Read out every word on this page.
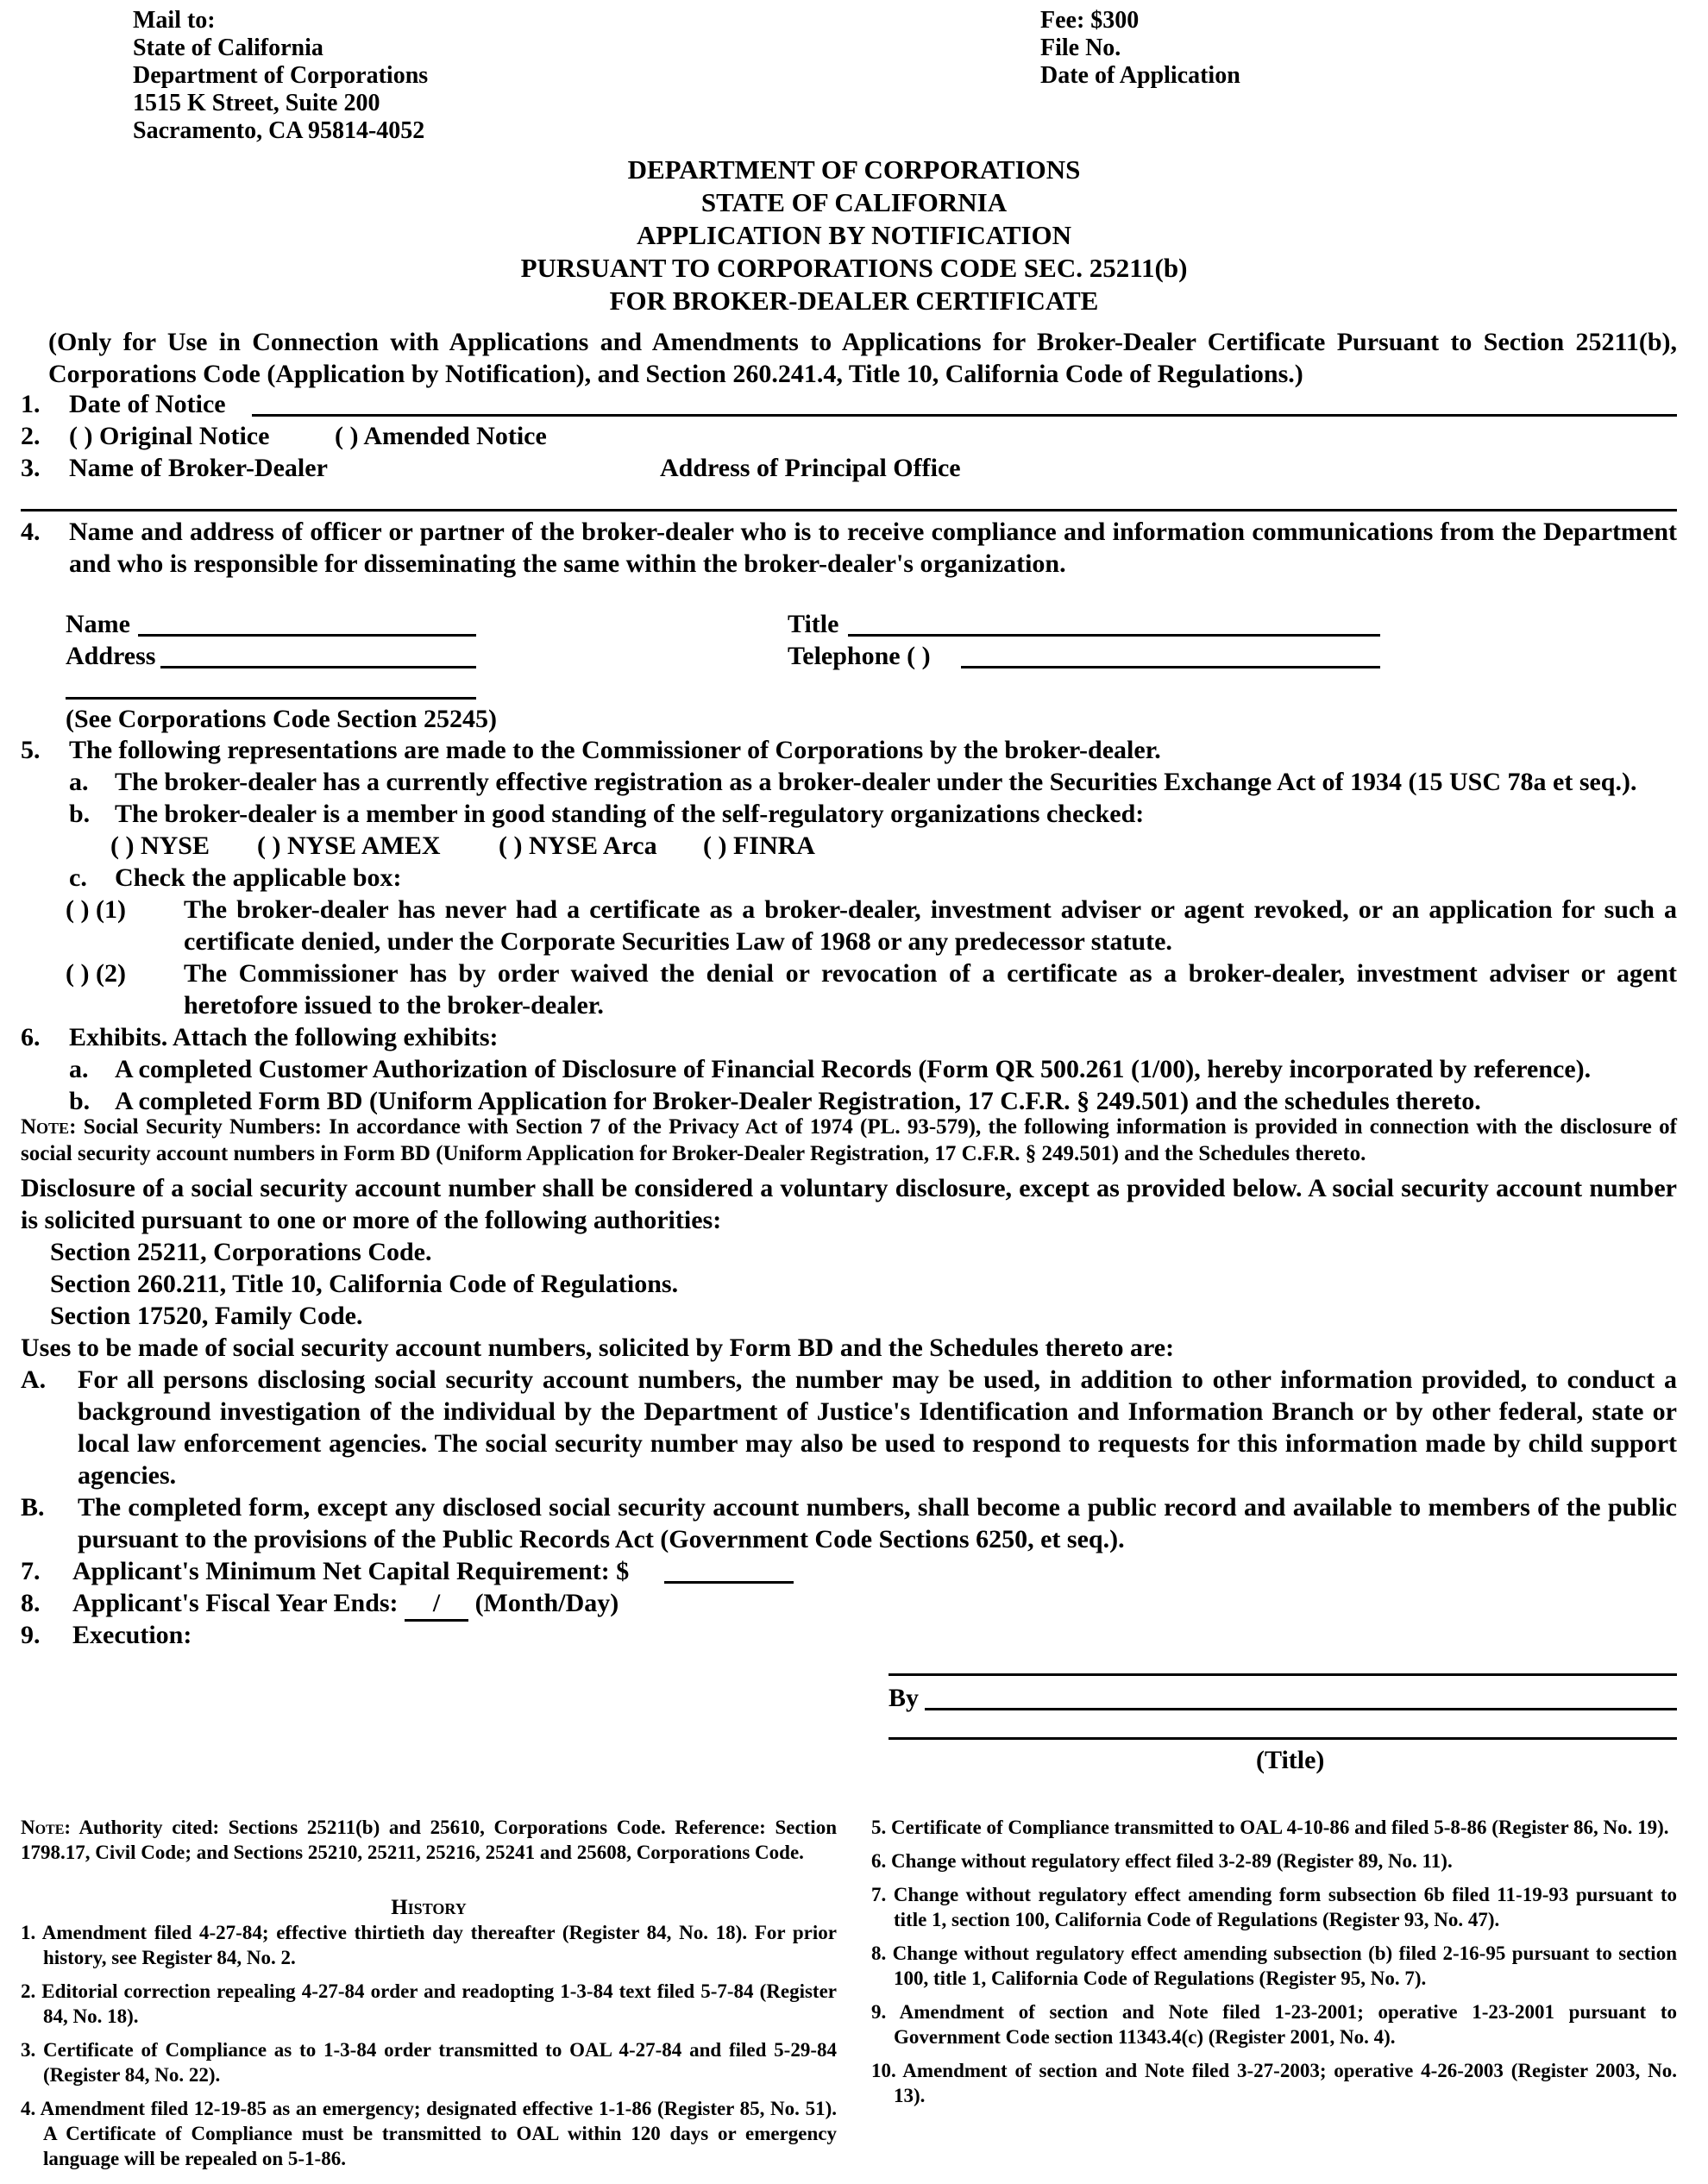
Mail to:
State of California
Department of Corporations
1515 K Street, Suite 200
Sacramento, CA 95814-4052
Fee: $300
File No.
Date of Application
DEPARTMENT OF CORPORATIONS
STATE OF CALIFORNIA
APPLICATION BY NOTIFICATION
PURSUANT TO CORPORATIONS CODE SEC. 25211(b)
FOR BROKER-DEALER CERTIFICATE
(Only for Use in Connection with Applications and Amendments to Applications for Broker-Dealer Certificate Pursuant to Section 25211(b), Corporations Code (Application by Notification), and Section 260.241.4, Title 10, California Code of Regulations.)
1. Date of Notice
2. ( ) Original Notice	( ) Amended Notice
3. Name of Broker-Dealer	Address of Principal Office
4. Name and address of officer or partner of the broker-dealer who is to receive compliance and information communications from the Department and who is responsible for disseminating the same within the broker-dealer's organization.
Name
Address
Title
Telephone ( )
(See Corporations Code Section 25245)
5. The following representations are made to the Commissioner of Corporations by the broker-dealer.
a. The broker-dealer has a currently effective registration as a broker-dealer under the Securities Exchange Act of 1934 (15 USC 78a et seq.).
b. The broker-dealer is a member in good standing of the self-regulatory organizations checked:
( ) NYSE ( ) NYSE AMEX ( ) NYSE Arca ( ) FINRA
c. Check the applicable box:
( ) (1) The broker-dealer has never had a certificate as a broker-dealer, investment adviser or agent revoked, or an application for such a certificate denied, under the Corporate Securities Law of 1968 or any predecessor statute.
( ) (2) The Commissioner has by order waived the denial or revocation of a certificate as a broker-dealer, investment adviser or agent heretofore issued to the broker-dealer.
6. Exhibits. Attach the following exhibits:
a. A completed Customer Authorization of Disclosure of Financial Records (Form QR 500.261 (1/00), hereby incorporated by reference).
b. A completed Form BD (Uniform Application for Broker-Dealer Registration, 17 C.F.R. § 249.501) and the schedules thereto.
Note: Social Security Numbers: In accordance with Section 7 of the Privacy Act of 1974 (PL. 93-579), the following information is provided in connection with the disclosure of social security account numbers in Form BD (Uniform Application for Broker-Dealer Registration, 17 C.F.R. § 249.501) and the Schedules thereto.
Disclosure of a social security account number shall be considered a voluntary disclosure, except as provided below. A social security account number is solicited pursuant to one or more of the following authorities:
Section 25211, Corporations Code.
Section 260.211, Title 10, California Code of Regulations.
Section 17520, Family Code.
Uses to be made of social security account numbers, solicited by Form BD and the Schedules thereto are:
A. For all persons disclosing social security account numbers, the number may be used, in addition to other information provided, to conduct a background investigation of the individual by the Department of Justice's Identification and Information Branch or by other federal, state or local law enforcement agencies. The social security number may also be used to respond to requests for this information made by child support agencies.
B. The completed form, except any disclosed social security account numbers, shall become a public record and available to members of the public pursuant to the provisions of the Public Records Act (Government Code Sections 6250, et seq.).
7. Applicant's Minimum Net Capital Requirement: $
8. Applicant's Fiscal Year Ends: / (Month/Day)
9. Execution:
By
(Title)
Note: Authority cited: Sections 25211(b) and 25610, Corporations Code. Reference: Section 1798.17, Civil Code; and Sections 25210, 25211, 25216, 25241 and 25608, Corporations Code.
History

1. Amendment filed 4-27-84; effective thirtieth day thereafter (Register 84, No. 18). For prior history, see Register 84, No. 2.

2. Editorial correction repealing 4-27-84 order and readopting 1-3-84 text filed 5-7-84 (Register 84, No. 18).

3. Certificate of Compliance as to 1-3-84 order transmitted to OAL 4-27-84 and filed 5-29-84 (Register 84, No. 22).

4. Amendment filed 12-19-85 as an emergency; designated effective 1-1-86 (Register 85, No. 51). A Certificate of Compliance must be transmitted to OAL within 120 days or emergency language will be repealed on 5-1-86.

5. Certificate of Compliance transmitted to OAL 4-10-86 and filed 5-8-86 (Register 86, No. 19).

6. Change without regulatory effect filed 3-2-89 (Register 89, No. 11).

7. Change without regulatory effect amending form subsection 6b filed 11-19-93 pursuant to title 1, section 100, California Code of Regulations (Register 93, No. 47).

8. Change without regulatory effect amending subsection (b) filed 2-16-95 pursuant to section 100, title 1, California Code of Regulations (Register 95, No. 7).

9. Amendment of section and Note filed 1-23-2001; operative 1-23-2001 pursuant to Government Code section 11343.4(c) (Register 2001, No. 4).

10. Amendment of section and Note filed 3-27-2003; operative 4-26-2003 (Register 2003, No. 13).
